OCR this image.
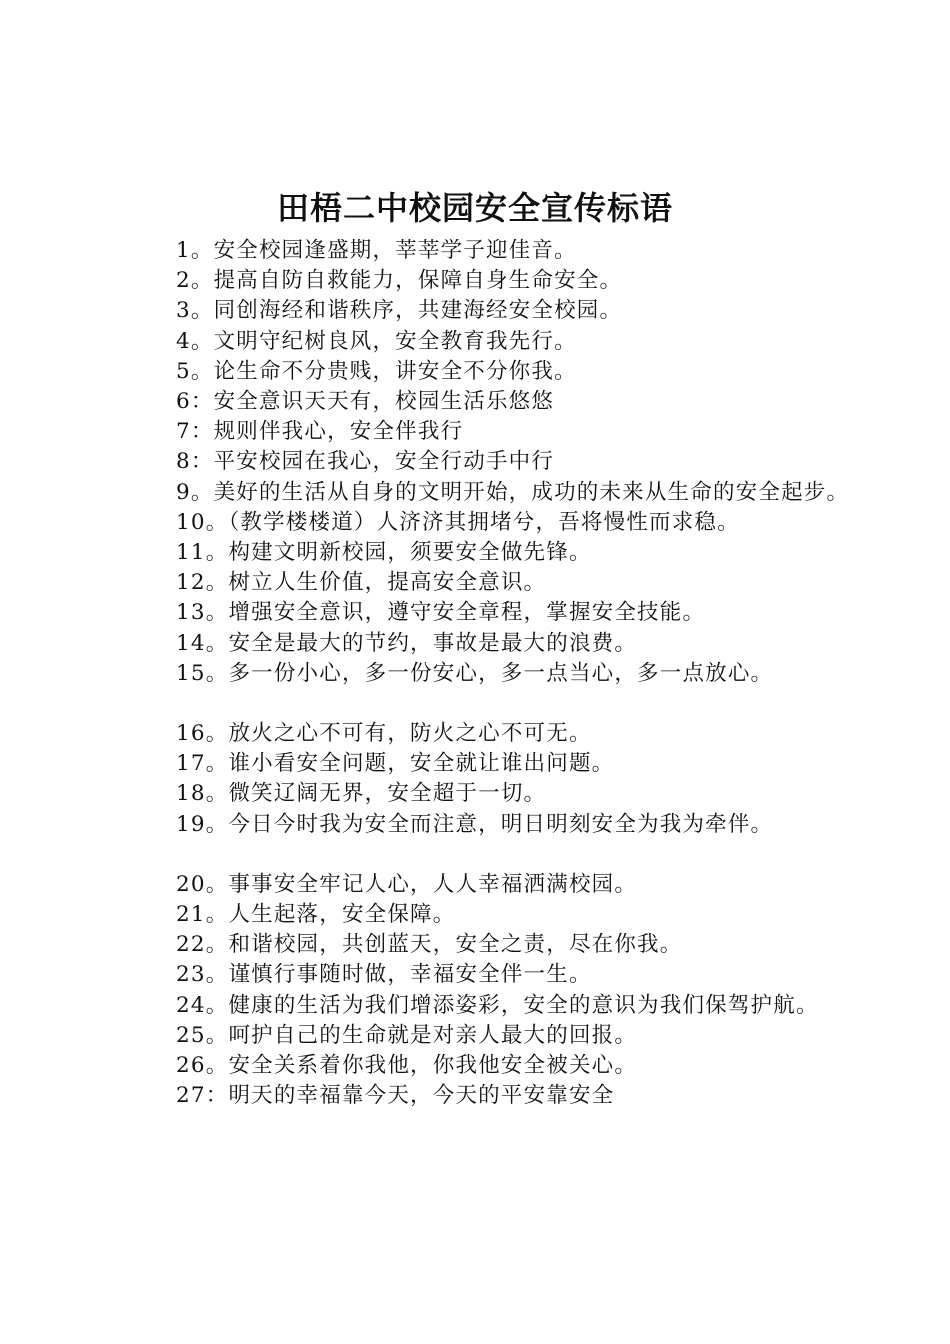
田梧二中校园安全宣传标语
1。安全校园逢盛期，莘莘学子迎佳音。
2。提高自防自救能力，保障自身生命安全。
3。同创海经和谐秩序，共建海经安全校园。
4。文明守纪树良风，安全教育我先行。
5。论生命不分贵贱，讲安全不分你我。
6：安全意识天天有，校园生活乐悠悠
7：规则伴我心，安全伴我行
8：平安校园在我心，安全行动手中行
9。美好的生活从自身的文明开始，成功的未来从生命的安全起步。
10。（教学楼楼道）人济济其拥堵兮，吾将慢性而求稳。
11。构建文明新校园，须要安全做先锋。
12。树立人生价值，提高安全意识。
13。增强安全意识，遵守安全章程，掌握安全技能。
14。安全是最大的节约，事故是最大的浪费。
15。多一份小心，多一份安心，多一点当心，多一点放心。
16。放火之心不可有，防火之心不可无。
17。谁小看安全问题，安全就让谁出问题。
18。微笑辽阔无界，安全超于一切。
19。今日今时我为安全而注意，明日明刻安全为我为牵伴。
20。事事安全牢记人心，人人幸福洒满校园。
21。人生起落，安全保障。
22。和谐校园，共创蓝天，安全之责，尽在你我。
23。谨慎行事随时做，幸福安全伴一生。
24。健康的生活为我们增添姿彩，安全的意识为我们保驾护航。
25。呵护自己的生命就是对亲人最大的回报。
26。安全关系着你我他，你我他安全被关心。
27：明天的幸福靠今天，今天的平安靠安全
